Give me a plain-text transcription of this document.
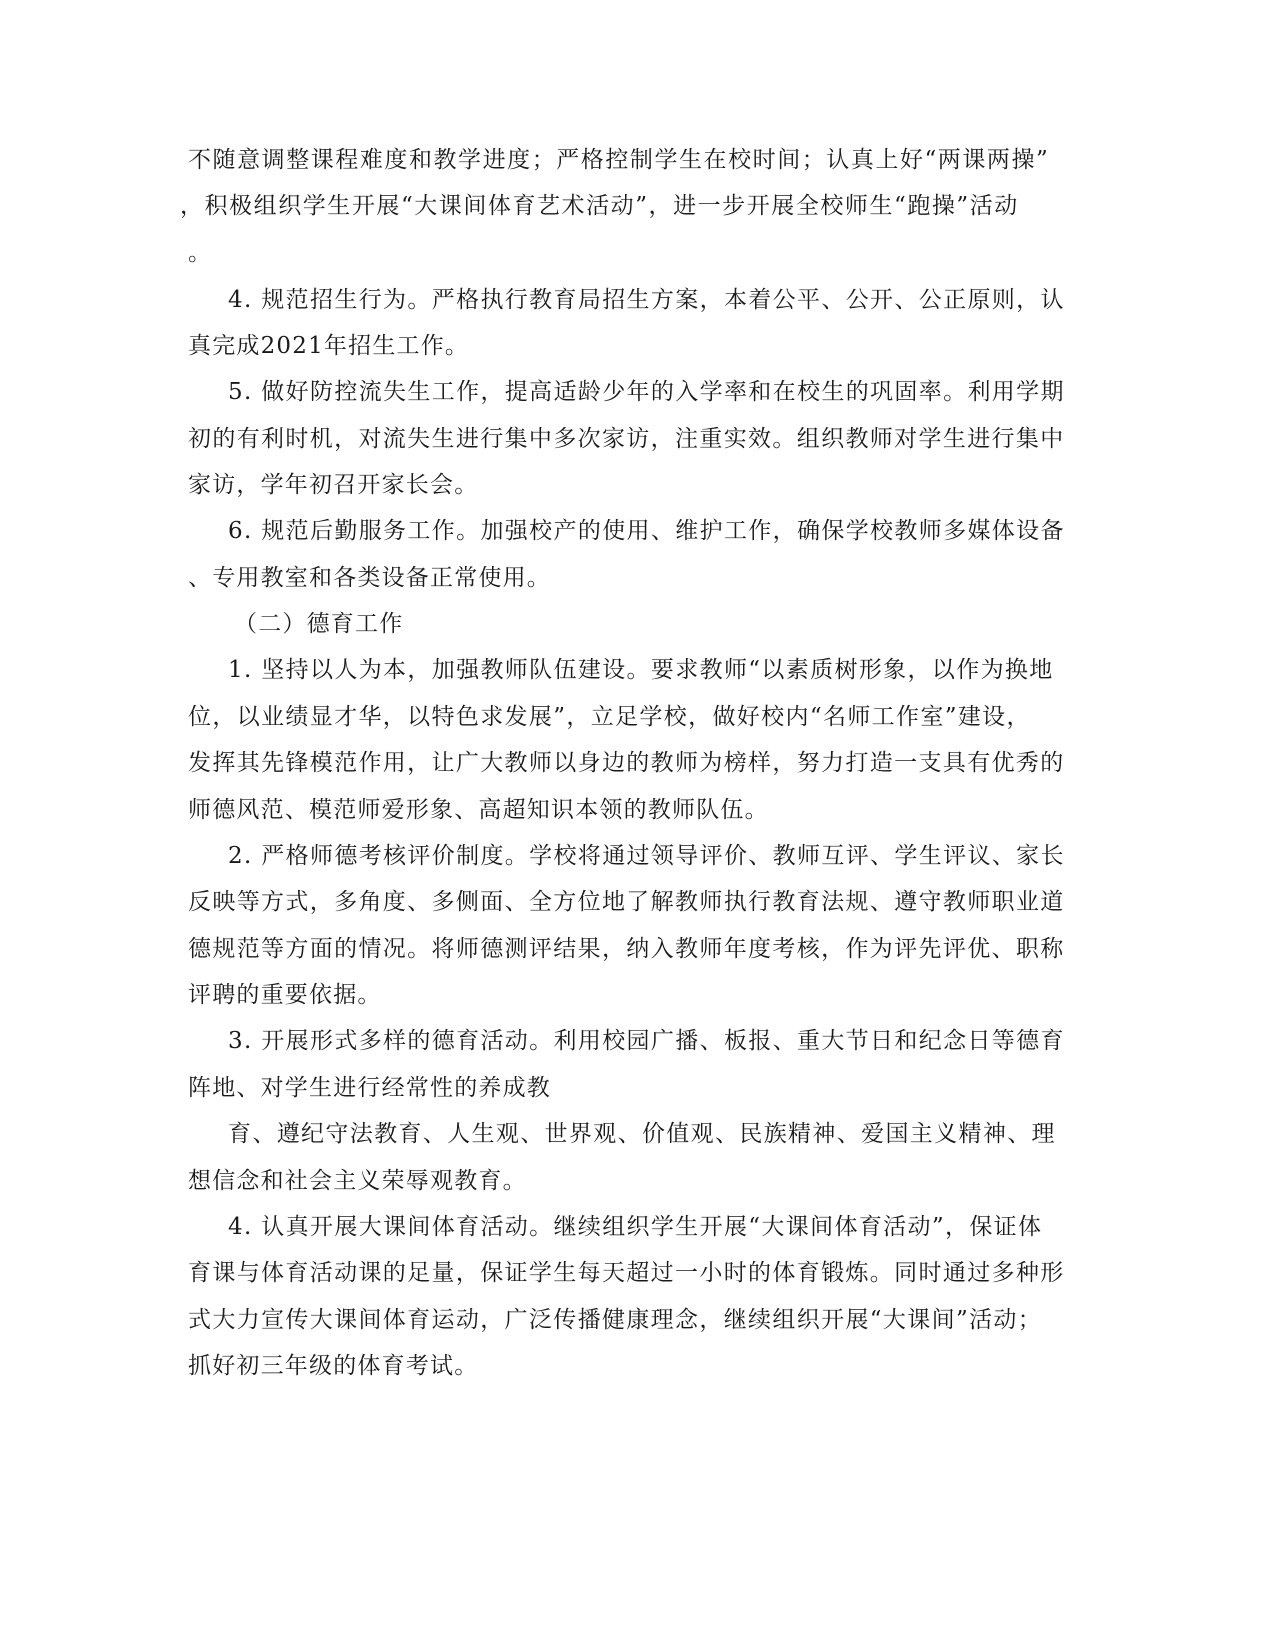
不随意调整课程难度和教学进度；严格控制学生在校时间；认真上好“两课两操”
，积极组织学生开展“大课间体育艺术活动”，进一步开展全校师生“跑操”活动
。
4. 规范招生行为。严格执行教育局招生方案，本着公平、公开、公正原则，认
真完成2021年招生工作。
5. 做好防控流失生工作，提高适龄少年的入学率和在校生的巩固率。利用学期
初的有利时机，对流失生进行集中多次家访，注重实效。组织教师对学生进行集中
家访，学年初召开家长会。
6. 规范后勤服务工作。加强校产的使用、维护工作，确保学校教师多媒体设备
、专用教室和各类设备正常使用。
（二）德育工作
1. 坚持以人为本，加强教师队伍建设。要求教师“以素质树形象，以作为换地
位，以业绩显才华，以特色求发展”，立足学校，做好校内“名师工作室”建设，
发挥其先锋模范作用，让广大教师以身边的教师为榜样，努力打造一支具有优秀的
师德风范、模范师爱形象、高超知识本领的教师队伍。
2. 严格师德考核评价制度。学校将通过领导评价、教师互评、学生评议、家长
反映等方式，多角度、多侧面、全方位地了解教师执行教育法规、遵守教师职业道
德规范等方面的情况。将师德测评结果，纳入教师年度考核，作为评先评优、职称
评聘的重要依据。
3. 开展形式多样的德育活动。利用校园广播、板报、重大节日和纪念日等德育
阵地、对学生进行经常性的养成教
育、遵纪守法教育、人生观、世界观、价值观、民族精神、爱国主义精神、理
想信念和社会主义荣辱观教育。
4. 认真开展大课间体育活动。继续组织学生开展“大课间体育活动”，保证体
育课与体育活动课的足量，保证学生每天超过一小时的体育锻炼。同时通过多种形
式大力宣传大课间体育运动，广泛传播健康理念，继续组织开展“大课间”活动；
抓好初三年级的体育考试。
